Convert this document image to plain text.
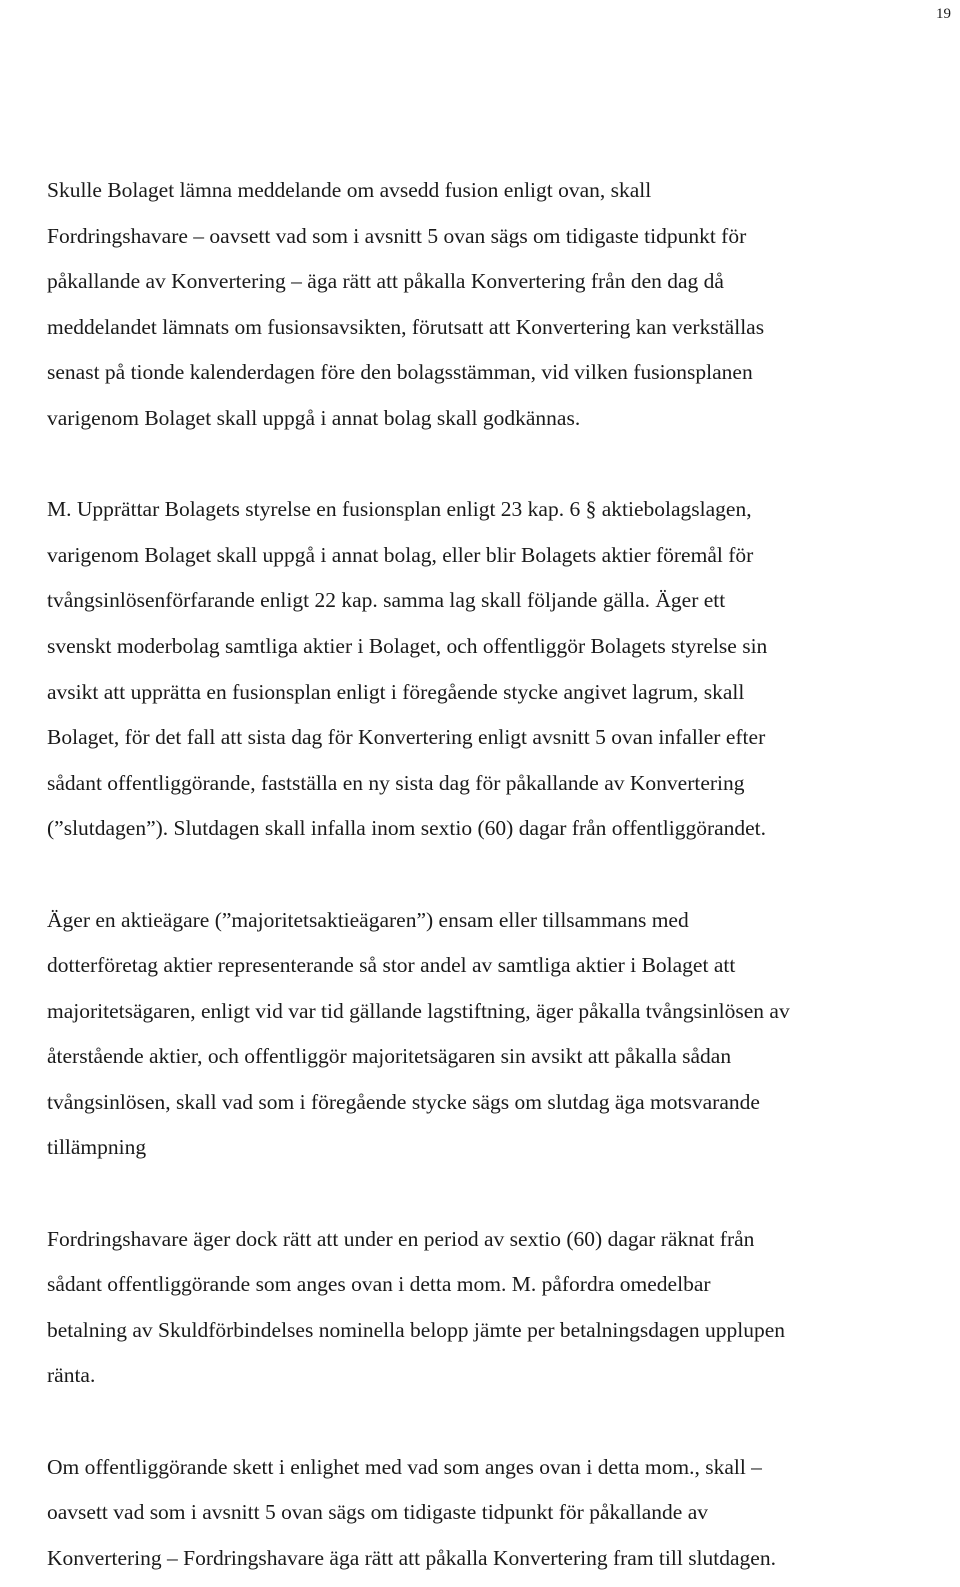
19

Skulle Bolaget lämna meddelande om avsedd fusion enligt ovan, skall
Fordringshavare – oavsett vad som i avsnitt 5 ovan sägs om tidigaste tidpunkt för
påkallande av Konvertering – äga rätt att påkalla Konvertering från den dag då
meddelandet lämnats om fusionsavsikten, förutsatt att Konvertering kan verkställas
senast på tionde kalenderdagen före den bolagsstämman, vid vilken fusionsplanen
varigenom Bolaget skall uppgå i annat bolag skall godkännas.

M. Upprättar Bolagets styrelse en fusionsplan enligt 23 kap. 6 § aktiebolagslagen,
varigenom Bolaget skall uppgå i annat bolag, eller blir Bolagets aktier föremål för
tvångsinlösenförfarande enligt 22 kap. samma lag skall följande gälla. Äger ett
svenskt moderbolag samtliga aktier i Bolaget, och offentliggör Bolagets styrelse sin
avsikt att upprätta en fusionsplan enligt i föregående stycke angivet lagrum, skall
Bolaget, för det fall att sista dag för Konvertering enligt avsnitt 5 ovan infaller efter
sådant offentliggörande, fastställa en ny sista dag för påkallande av Konvertering
(”slutdagen”). Slutdagen skall infalla inom sextio (60) dagar från offentliggörandet.

Äger en aktieägare (”majoritetsaktieägaren”) ensam eller tillsammans med
dotterföretag aktier representerande så stor andel av samtliga aktier i Bolaget att
majoritetsägaren, enligt vid var tid gällande lagstiftning, äger påkalla tvångsinlösen av
återstående aktier, och offentliggör majoritetsägaren sin avsikt att påkalla sådan
tvångsinlösen, skall vad som i föregående stycke sägs om slutdag äga motsvarande
tillämpning

Fordringshavare äger dock rätt att under en period av sextio (60) dagar räknat från
sådant offentliggörande som anges ovan i detta mom. M. påfordra omedelbar
betalning av Skuldförbindelses nominella belopp jämte per betalningsdagen upplupen
ränta.

Om offentliggörande skett i enlighet med vad som anges ovan i detta mom., skall –
oavsett vad som i avsnitt 5 ovan sägs om tidigaste tidpunkt för påkallande av
Konvertering – Fordringshavare äga rätt att påkalla Konvertering fram till slutdagen.
